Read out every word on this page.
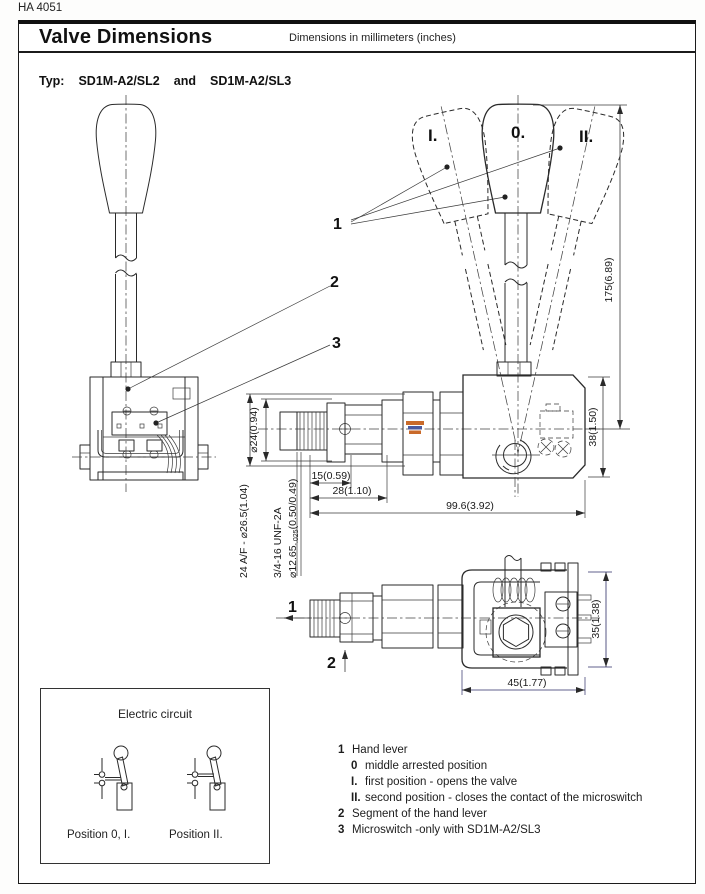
HA 4051
Valve Dimensions	Dimensions in millimeters (inches)
Typ: SD1M-A2/SL2 and SD1M-A2/SL3
1
2
3
I.	0.	II.
175(6.89)
⌀24(0.94)
24 A/F - ⌀26.5(1.04) 3/4-16 UNF-2A ⌀12.65-.025(0.50/0.49)
15(0.59)
28(1.10)
99.6(3.92)
38(1.50)
1
2
35(1.38)
45(1.77)
Electric circuit
Position 0, I.	Position II.
1 Hand lever
0 middle arrested position
I. first position - opens the valve
II. second position - closes the contact of the microswitch
2 Segment of the hand lever
3 Microswitch -only with SD1M-A2/SL3
